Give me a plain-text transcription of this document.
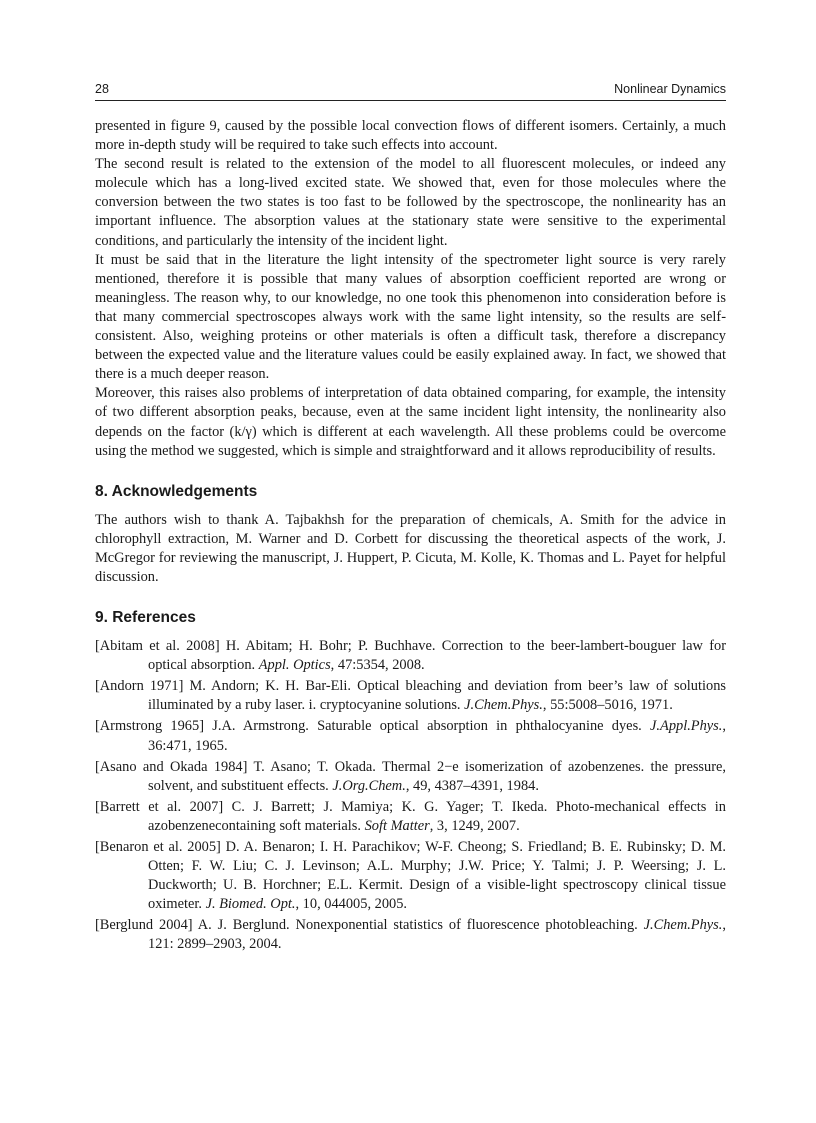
28	Nonlinear Dynamics

presented in figure 9, caused by the possible local convection flows of different isomers. Certainly, a much more in-depth study will be required to take such effects into account.

The second result is related to the extension of the model to all fluorescent molecules, or indeed any molecule which has a long-lived excited state. We showed that, even for those molecules where the conversion between the two states is too fast to be followed by the spectroscope, the nonlinearity has an important influence. The absorption values at the stationary state were sensitive to the experimental conditions, and particularly the intensity of the incident light.

It must be said that in the literature the light intensity of the spectrometer light source is very rarely mentioned, therefore it is possible that many values of absorption coefficient reported are wrong or meaningless. The reason why, to our knowledge, no one took this phenomenon into consideration before is that many commercial spectroscopes always work with the same light intensity, so the results are self-consistent. Also, weighing proteins or other materials is often a difficult task, therefore a discrepancy between the expected value and the literature values could be easily explained away. In fact, we showed that there is a much deeper reason.

Moreover, this raises also problems of interpretation of data obtained comparing, for example, the intensity of two different absorption peaks, because, even at the same incident light intensity, the nonlinearity also depends on the factor (k/γ) which is different at each wavelength. All these problems could be overcome using the method we suggested, which is simple and straightforward and it allows reproducibility of results.

8. Acknowledgements

The authors wish to thank A. Tajbakhsh for the preparation of chemicals, A. Smith for the advice in chlorophyll extraction, M. Warner and D. Corbett for discussing the theoretical aspects of the work, J. McGregor for reviewing the manuscript, J. Huppert, P. Cicuta, M. Kolle, K. Thomas and L. Payet for helpful discussion.

9. References

[Abitam et al. 2008] H. Abitam; H. Bohr; P. Buchhave. Correction to the beer-lambert-bouguer law for optical absorption. Appl. Optics, 47:5354, 2008.

[Andorn 1971] M. Andorn; K. H. Bar-Eli. Optical bleaching and deviation from beer’s law of solutions illuminated by a ruby laser. i. cryptocyanine solutions. J.Chem.Phys., 55:5008–5016, 1971.

[Armstrong 1965] J.A. Armstrong. Saturable optical absorption in phthalocyanine dyes. J.Appl.Phys., 36:471, 1965.

[Asano and Okada 1984] T. Asano; T. Okada. Thermal 2−e isomerization of azobenzenes. the pressure, solvent, and substituent effects. J.Org.Chem., 49, 4387–4391, 1984.

[Barrett et al. 2007] C. J. Barrett; J. Mamiya; K. G. Yager; T. Ikeda. Photo-mechanical effects in azobenzenecontaining soft materials. Soft Matter, 3, 1249, 2007.

[Benaron et al. 2005] D. A. Benaron; I. H. Parachikov; W-F. Cheong; S. Friedland; B. E. Rubinsky; D. M. Otten; F. W. Liu; C. J. Levinson; A.L. Murphy; J.W. Price; Y. Talmi; J. P. Weersing; J. L. Duckworth; U. B. Horchner; E.L. Kermit. Design of a visible-light spectroscopy clinical tissue oximeter. J. Biomed. Opt., 10, 044005, 2005.

[Berglund 2004] A. J. Berglund. Nonexponential statistics of fluorescence photobleaching. J.Chem.Phys., 121: 2899–2903, 2004.
